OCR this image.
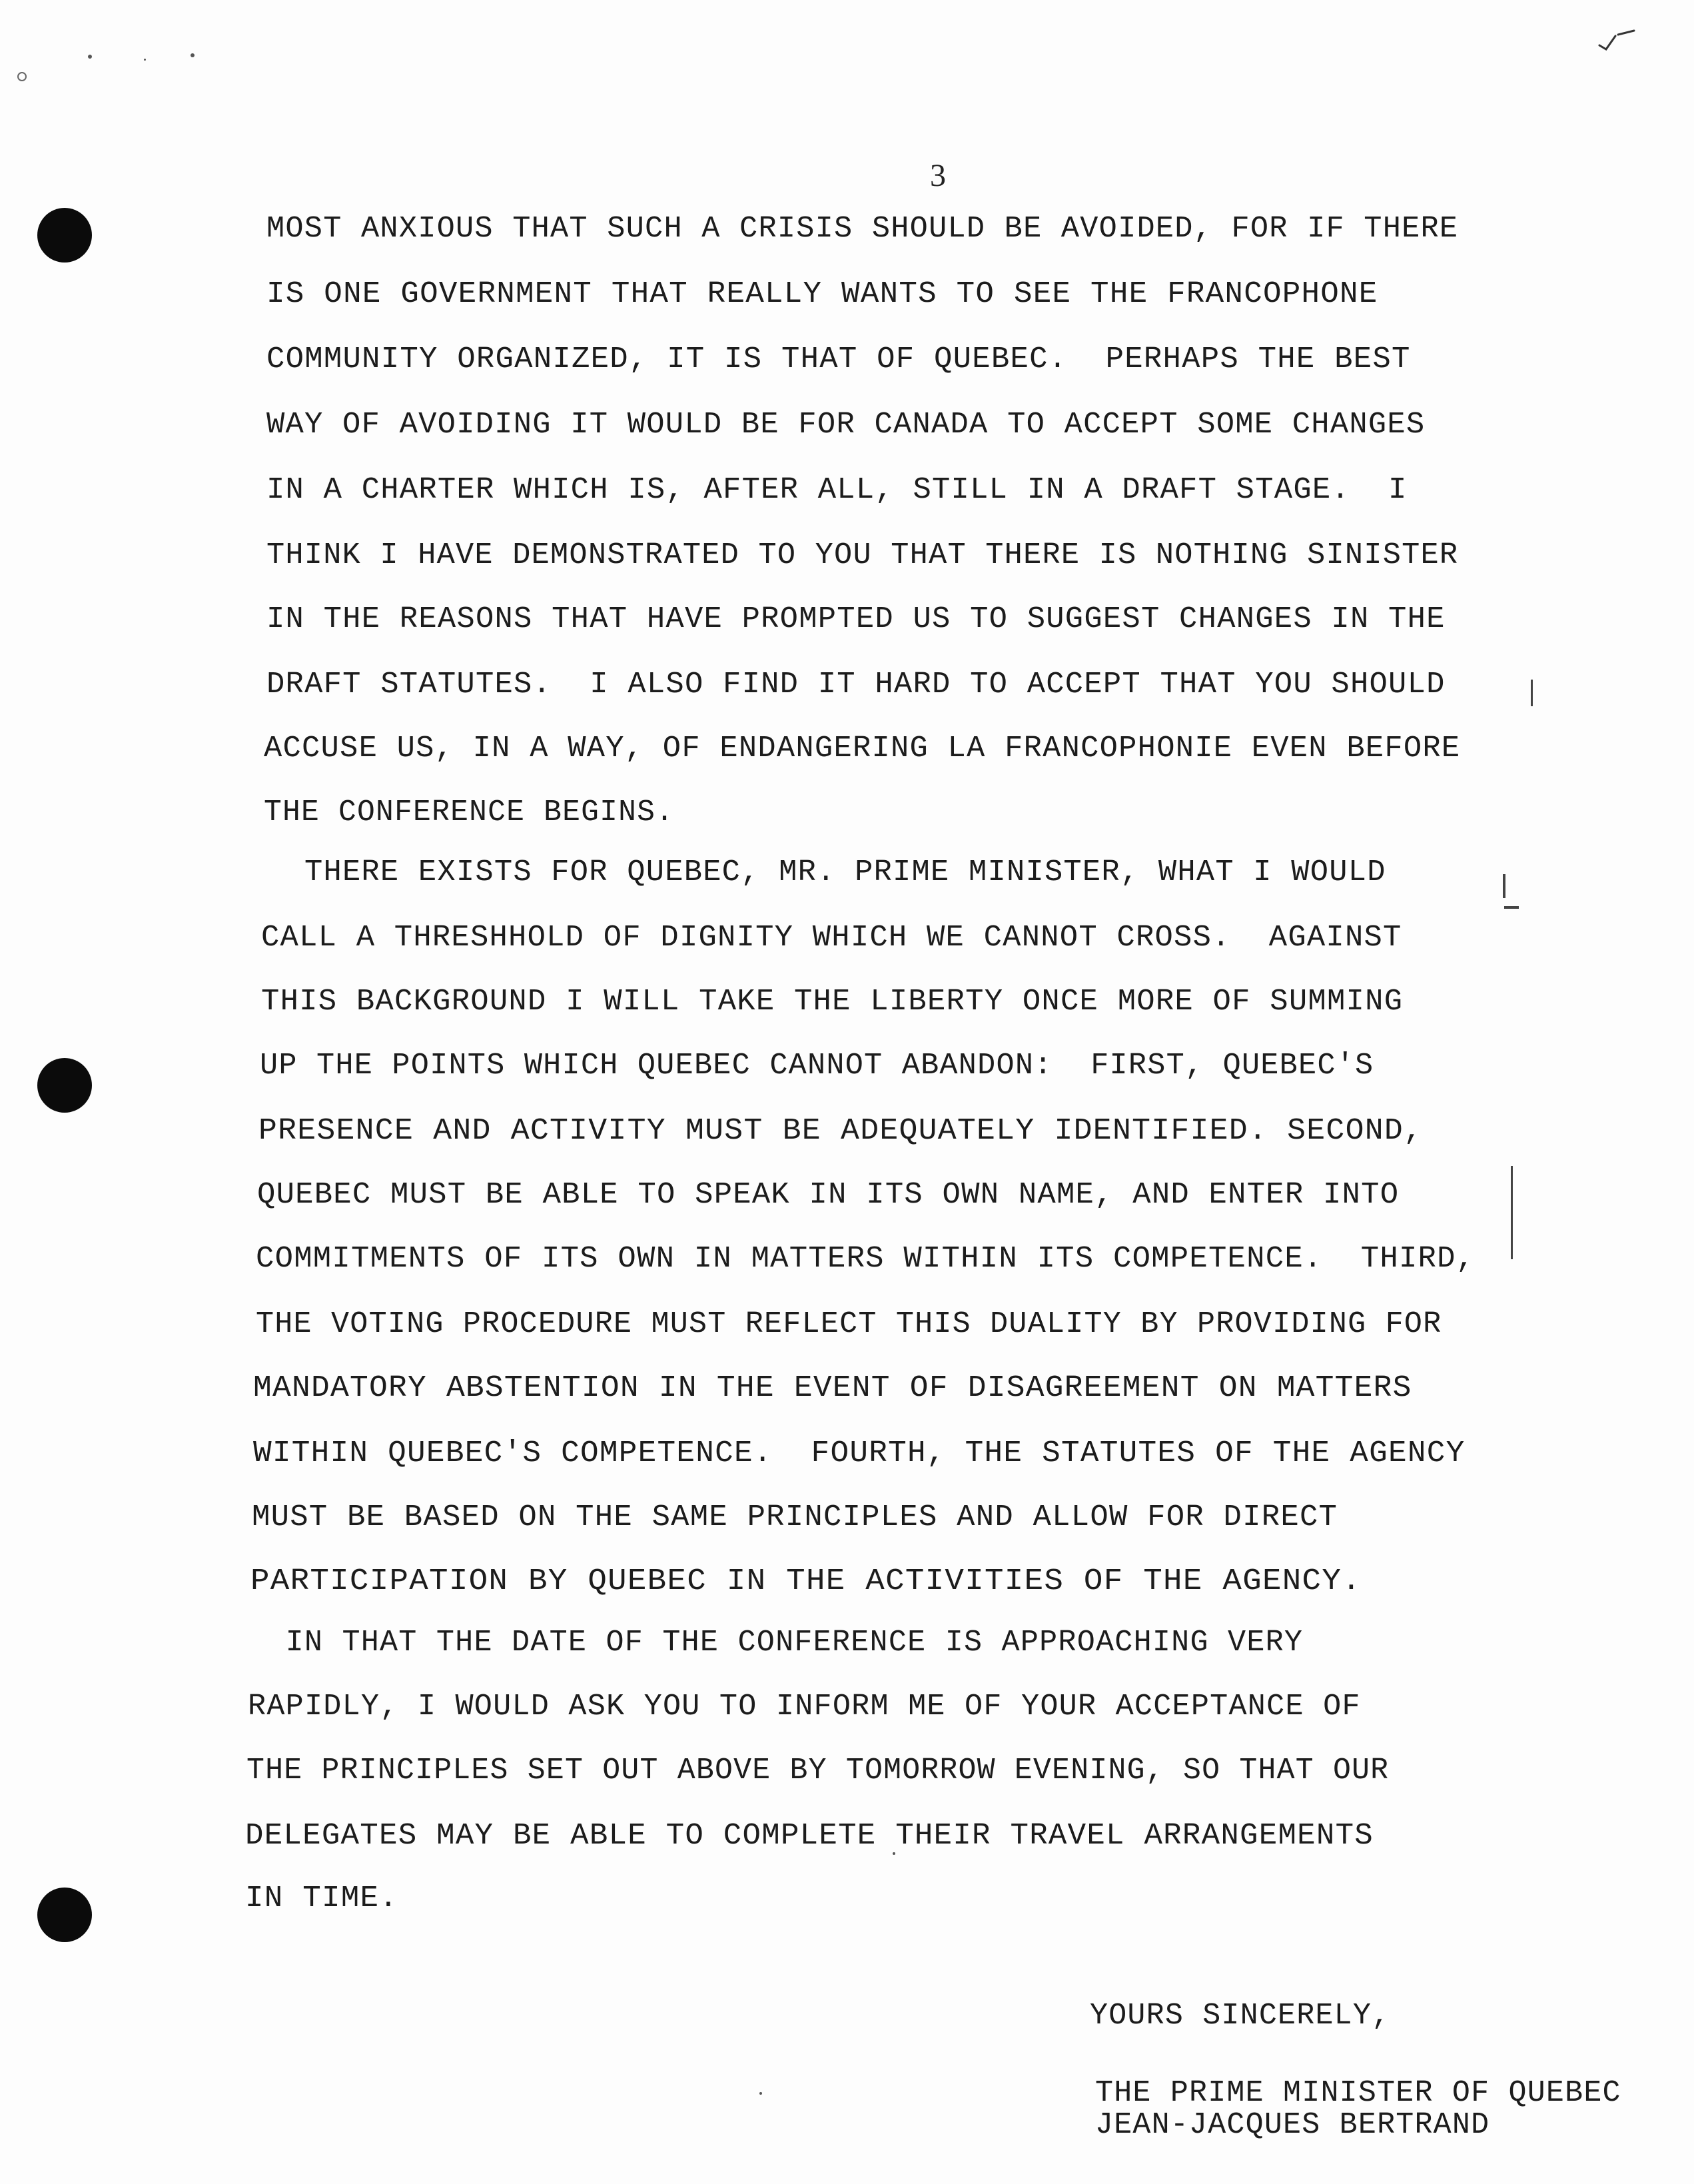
3
MOST ANXIOUS THAT SUCH A CRISIS SHOULD BE AVOIDED, FOR IF THERE
IS ONE GOVERNMENT THAT REALLY WANTS TO SEE THE FRANCOPHONE
COMMUNITY ORGANIZED, IT IS THAT OF QUEBEC.  PERHAPS THE BEST
WAY OF AVOIDING IT WOULD BE FOR CANADA TO ACCEPT SOME CHANGES
IN A CHARTER WHICH IS, AFTER ALL, STILL IN A DRAFT STAGE.  I
THINK I HAVE DEMONSTRATED TO YOU THAT THERE IS NOTHING SINISTER
IN THE REASONS THAT HAVE PROMPTED US TO SUGGEST CHANGES IN THE
DRAFT STATUTES.  I ALSO FIND IT HARD TO ACCEPT THAT YOU SHOULD
ACCUSE US, IN A WAY, OF ENDANGERING LA FRANCOPHONIE EVEN BEFORE
THE CONFERENCE BEGINS.
THERE EXISTS FOR QUEBEC, MR. PRIME MINISTER, WHAT I WOULD
CALL A THRESHHOLD OF DIGNITY WHICH WE CANNOT CROSS.  AGAINST
THIS BACKGROUND I WILL TAKE THE LIBERTY ONCE MORE OF SUMMING
UP THE POINTS WHICH QUEBEC CANNOT ABANDON:  FIRST, QUEBEC'S
PRESENCE AND ACTIVITY MUST BE ADEQUATELY IDENTIFIED. SECOND,
QUEBEC MUST BE ABLE TO SPEAK IN ITS OWN NAME, AND ENTER INTO
COMMITMENTS OF ITS OWN IN MATTERS WITHIN ITS COMPETENCE.  THIRD,
THE VOTING PROCEDURE MUST REFLECT THIS DUALITY BY PROVIDING FOR
MANDATORY ABSTENTION IN THE EVENT OF DISAGREEMENT ON MATTERS
WITHIN QUEBEC'S COMPETENCE.  FOURTH, THE STATUTES OF THE AGENCY
MUST BE BASED ON THE SAME PRINCIPLES AND ALLOW FOR DIRECT
PARTICIPATION BY QUEBEC IN THE ACTIVITIES OF THE AGENCY.
IN THAT THE DATE OF THE CONFERENCE IS APPROACHING VERY
RAPIDLY, I WOULD ASK YOU TO INFORM ME OF YOUR ACCEPTANCE OF
THE PRINCIPLES SET OUT ABOVE BY TOMORROW EVENING, SO THAT OUR
DELEGATES MAY BE ABLE TO COMPLETE THEIR TRAVEL ARRANGEMENTS
IN TIME.
YOURS SINCERELY,
THE PRIME MINISTER OF QUEBEC
JEAN-JACQUES BERTRAND
